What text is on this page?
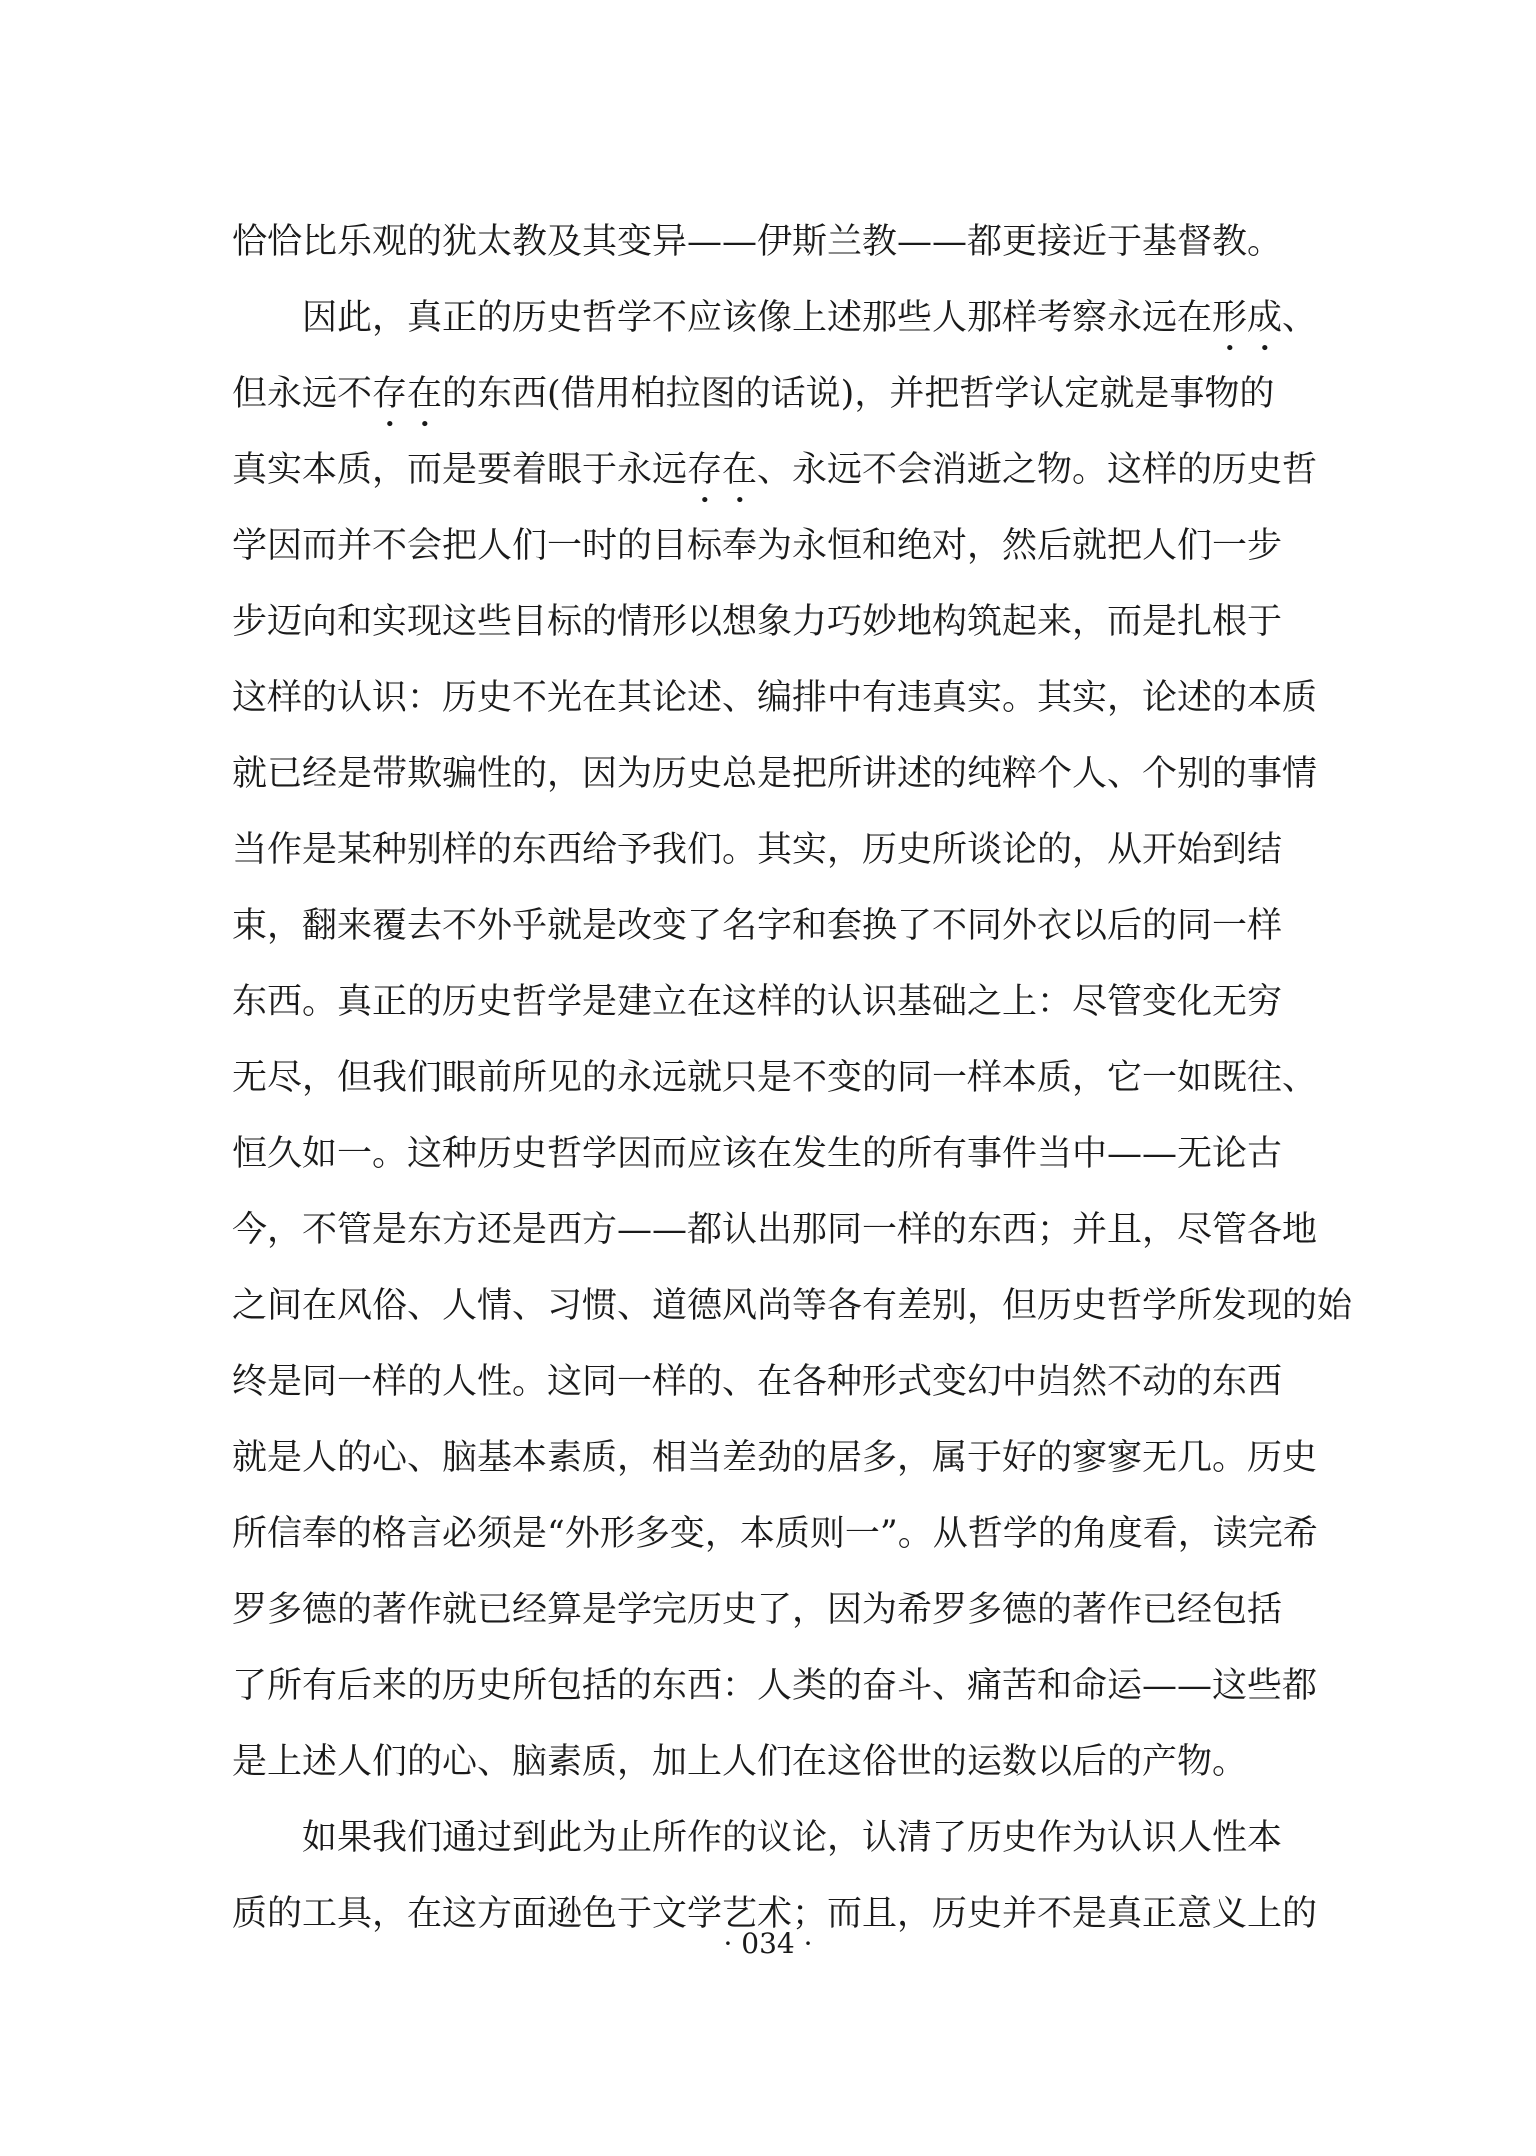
恰恰比乐观的犹太教及其变异——伊斯兰教——都更接近于基督教。
因此，真正的历史哲学不应该像上述那些人那样考察永远在形成、
但永远不存在的东西(借用柏拉图的话说)，并把哲学认定就是事物的
真实本质，而是要着眼于永远存在、永远不会消逝之物。这样的历史哲
学因而并不会把人们一时的目标奉为永恒和绝对，然后就把人们一步
步迈向和实现这些目标的情形以想象力巧妙地构筑起来，而是扎根于
这样的认识：历史不光在其论述、编排中有违真实。其实，论述的本质
就已经是带欺骗性的，因为历史总是把所讲述的纯粹个人、个别的事情
当作是某种别样的东西给予我们。其实，历史所谈论的，从开始到结
束，翻来覆去不外乎就是改变了名字和套换了不同外衣以后的同一样
东西。真正的历史哲学是建立在这样的认识基础之上：尽管变化无穷
无尽，但我们眼前所见的永远就只是不变的同一样本质，它一如既往、
恒久如一。这种历史哲学因而应该在发生的所有事件当中——无论古
今，不管是东方还是西方——都认出那同一样的东西；并且，尽管各地
之间在风俗、人情、习惯、道德风尚等各有差别，但历史哲学所发现的始
终是同一样的人性。这同一样的、在各种形式变幻中岿然不动的东西
就是人的心、脑基本素质，相当差劲的居多，属于好的寥寥无几。历史
所信奉的格言必须是“外形多变，本质则一”。从哲学的角度看，读完希
罗多德的著作就已经算是学完历史了，因为希罗多德的著作已经包括
了所有后来的历史所包括的东西：人类的奋斗、痛苦和命运——这些都
是上述人们的心、脑素质，加上人们在这俗世的运数以后的产物。
如果我们通过到此为止所作的议论，认清了历史作为认识人性本
质的工具，在这方面逊色于文学艺术；而且，历史并不是真正意义上的
· 034 ·
